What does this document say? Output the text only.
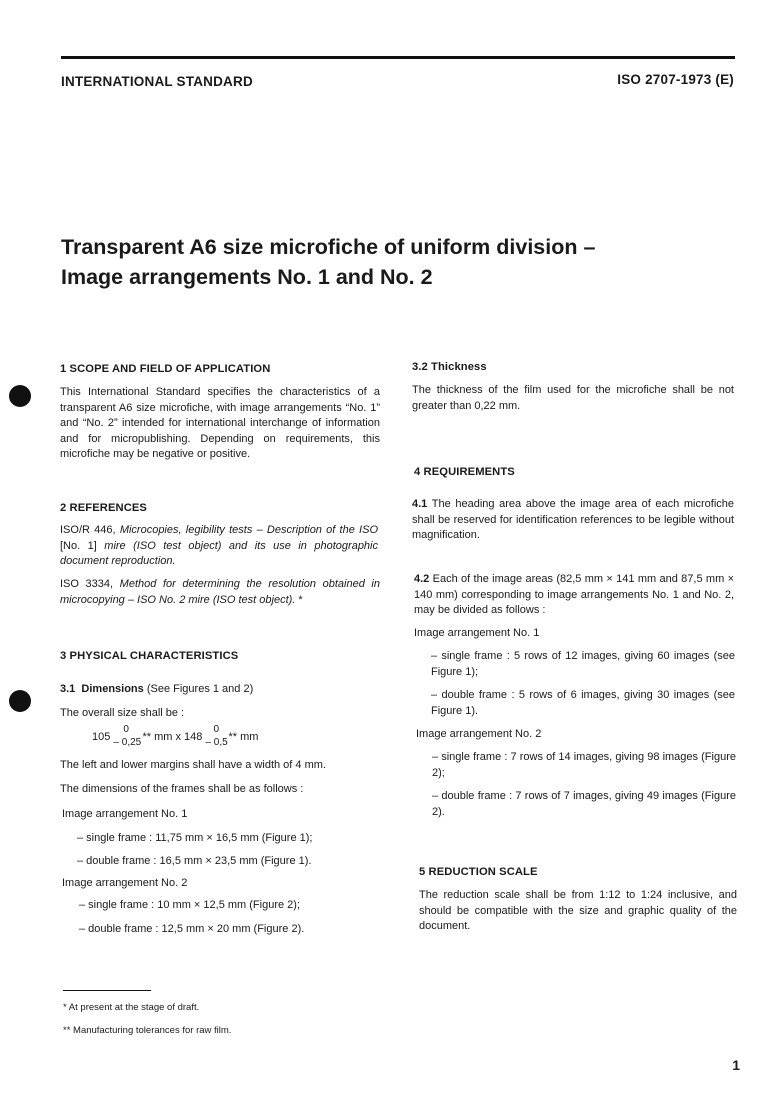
INTERNATIONAL STANDARD	ISO 2707-1973 (E)
Transparent A6 size microfiche of uniform division –
Image arrangements No. 1 and No. 2
1 SCOPE AND FIELD OF APPLICATION
This International Standard specifies the characteristics of a transparent A6 size microfiche, with image arrangements “No. 1” and “No. 2” intended for international interchange of information and for micropublishing. Depending on requirements, this microfiche may be negative or positive.
2 REFERENCES
ISO/R 446, Microcopies, legibility tests – Description of the ISO [No. 1] mire (ISO test object) and its use in photographic document reproduction.
ISO 3334, Method for determining the resolution obtained in microcopying – ISO No. 2 mire (ISO test object). *
3 PHYSICAL CHARACTERISTICS
3.1 Dimensions (See Figures 1 and 2)
The overall size shall be :
105
0
– 0,25 ** mm x 148
0
– 0,5 ** mm
The left and lower margins shall have a width of 4 mm.
The dimensions of the frames shall be as follows :
Image arrangement No. 1
– single frame : 11,75 mm × 16,5 mm (Figure 1);
– double frame : 16,5 mm × 23,5 mm (Figure 1).
Image arrangement No. 2
– single frame : 10 mm × 12,5 mm (Figure 2);
– double frame : 12,5 mm × 20 mm (Figure 2).
* At present at the stage of draft.
** Manufacturing tolerances for raw film.
3.2 Thickness
The thickness of the film used for the microfiche shall be not greater than 0,22 mm.
4 REQUIREMENTS
4.1 The heading area above the image area of each microfiche shall be reserved for identification references to be legible without magnification.
4.2 Each of the image areas (82,5 mm × 141 mm and 87,5 mm × 140 mm) corresponding to image arrangements No. 1 and No. 2, may be divided as follows :
Image arrangement No. 1
– single frame : 5 rows of 12 images, giving 60 images (see Figure 1);
– double frame : 5 rows of 6 images, giving 30 images (see Figure 1).
Image arrangement No. 2
– single frame : 7 rows of 14 images, giving 98 images (Figure 2);
– double frame : 7 rows of 7 images, giving 49 images (Figure 2).
5 REDUCTION SCALE
The reduction scale shall be from 1:12 to 1:24 inclusive, and should be compatible with the size and graphic quality of the document.
1
